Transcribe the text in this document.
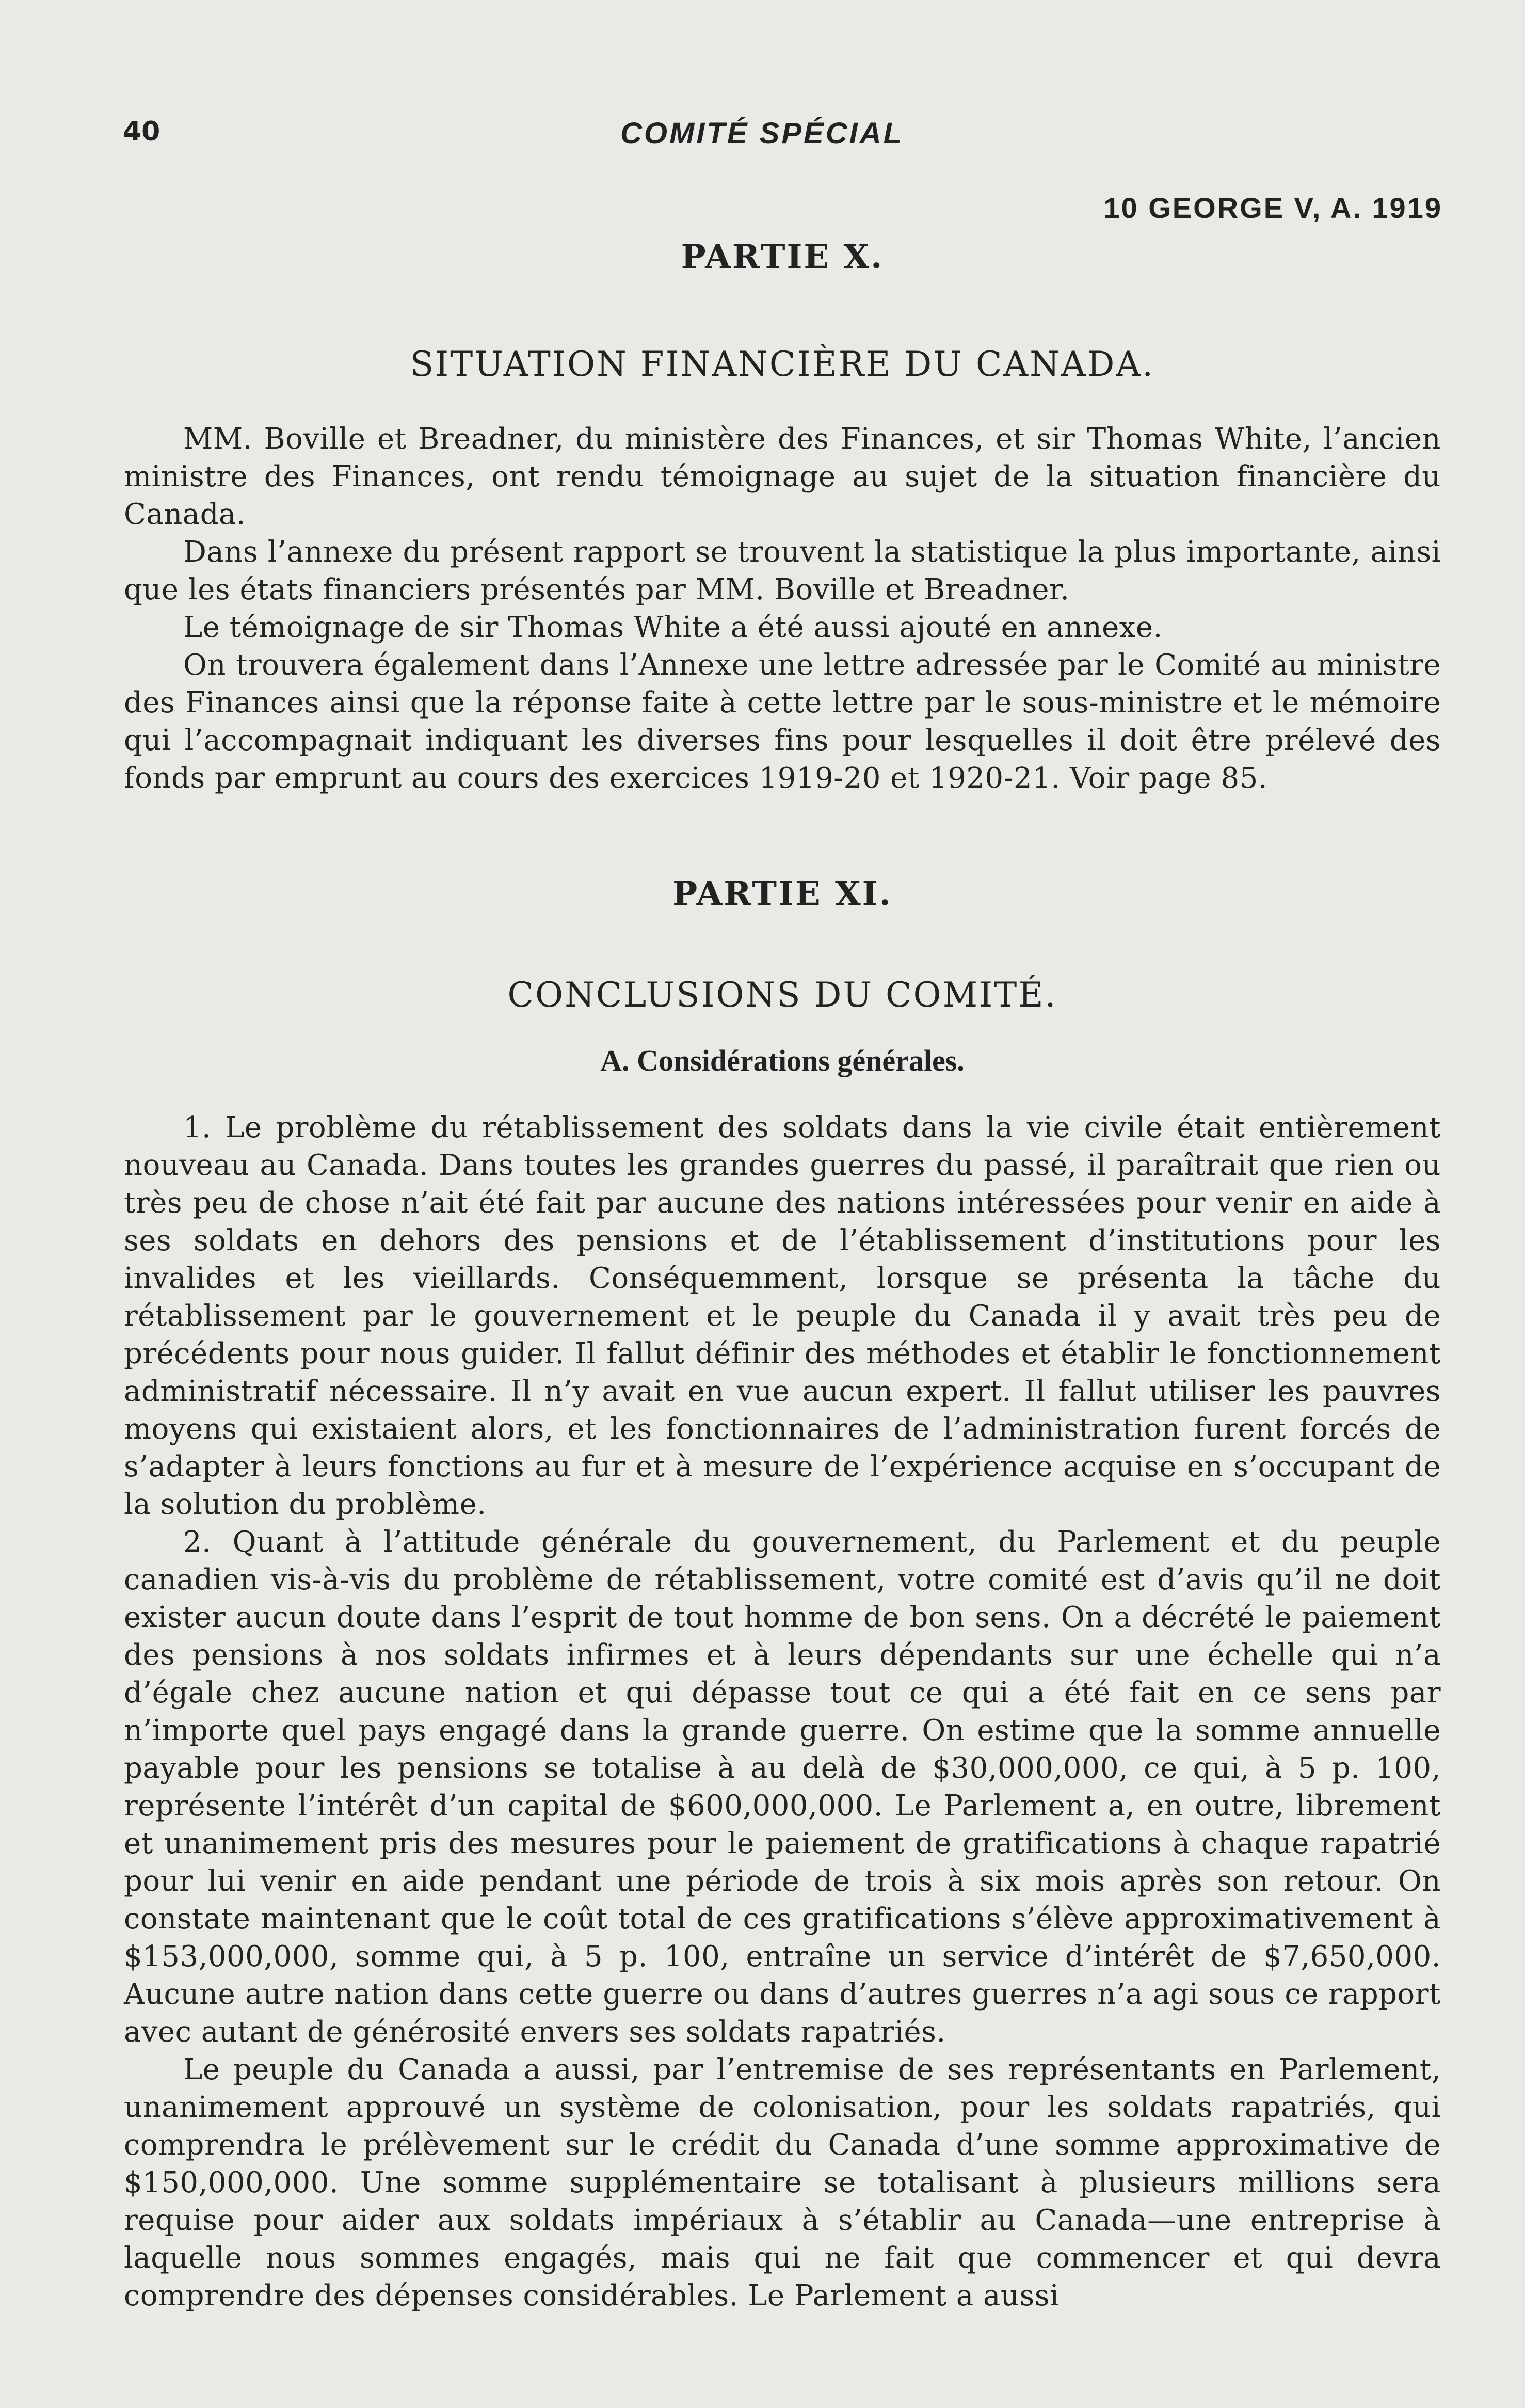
40	COMITÉ SPÉCIAL
10 GEORGE V, A. 1919
PARTIE X.
SITUATION FINANCIÈRE DU CANADA.

MM. Boville et Breadner, du ministère des Finances, et sir Thomas White, l’ancien ministre des Finances, ont rendu témoignage au sujet de la situation financière du Canada.

Dans l’annexe du présent rapport se trouvent la statistique la plus importante, ainsi que les états financiers présentés par MM. Boville et Breadner.

Le témoignage de sir Thomas White a été aussi ajouté en annexe.

On trouvera également dans l’Annexe une lettre adressée par le Comité au ministre des Finances ainsi que la réponse faite à cette lettre par le sous-ministre et le mémoire qui l’accompagnait indiquant les diverses fins pour lesquelles il doit être prélevé des fonds par emprunt au cours des exercices 1919-20 et 1920-21. Voir page 85.

PARTIE XI.
CONCLUSIONS DU COMITÉ.
A. Considérations générales.

1. Le problème du rétablissement des soldats dans la vie civile était entièrement nouveau au Canada. Dans toutes les grandes guerres du passé, il paraîtrait que rien ou très peu de chose n’ait été fait par aucune des nations intéressées pour venir en aide à ses soldats en dehors des pensions et de l’établissement d’institutions pour les invalides et les vieillards. Conséquemment, lorsque se présenta la tâche du rétablissement par le gouvernement et le peuple du Canada il y avait très peu de précédents pour nous guider. Il fallut définir des méthodes et établir le fonctionnement administratif nécessaire. Il n’y avait en vue aucun expert. Il fallut utiliser les pauvres moyens qui existaient alors, et les fonctionnaires de l’administration furent forcés de s’adapter à leurs fonctions au fur et à mesure de l’expérience acquise en s’occupant de la solution du problème.

2. Quant à l’attitude générale du gouvernement, du Parlement et du peuple canadien vis-à-vis du problème de rétablissement, votre comité est d’avis qu’il ne doit exister aucun doute dans l’esprit de tout homme de bon sens. On a décrété le paiement des pensions à nos soldats infirmes et à leurs dépendants sur une échelle qui n’a d’égale chez aucune nation et qui dépasse tout ce qui a été fait en ce sens par n’importe quel pays engagé dans la grande guerre. On estime que la somme annuelle payable pour les pensions se totalise à au delà de $30,000,000, ce qui, à 5 p. 100, représente l’intérêt d’un capital de $600,000,000. Le Parlement a, en outre, librement et unanimement pris des mesures pour le paiement de gratifications à chaque rapatrié pour lui venir en aide pendant une période de trois à six mois après son retour. On constate maintenant que le coût total de ces gratifications s’élève approximativement à $153,000,000, somme qui, à 5 p. 100, entraîne un service d’intérêt de $7,650,000. Aucune autre nation dans cette guerre ou dans d’autres guerres n’a agi sous ce rapport avec autant de générosité envers ses soldats rapatriés.

Le peuple du Canada a aussi, par l’entremise de ses représentants en Parlement, unanimement approuvé un système de colonisation, pour les soldats rapatriés, qui comprendra le prélèvement sur le crédit du Canada d’une somme approximative de $150,000,000. Une somme supplémentaire se totalisant à plusieurs millions sera requise pour aider aux soldats impériaux à s’établir au Canada—une entreprise à laquelle nous sommes engagés, mais qui ne fait que commencer et qui devra comprendre des dépenses considérables. Le Parlement a aussi
